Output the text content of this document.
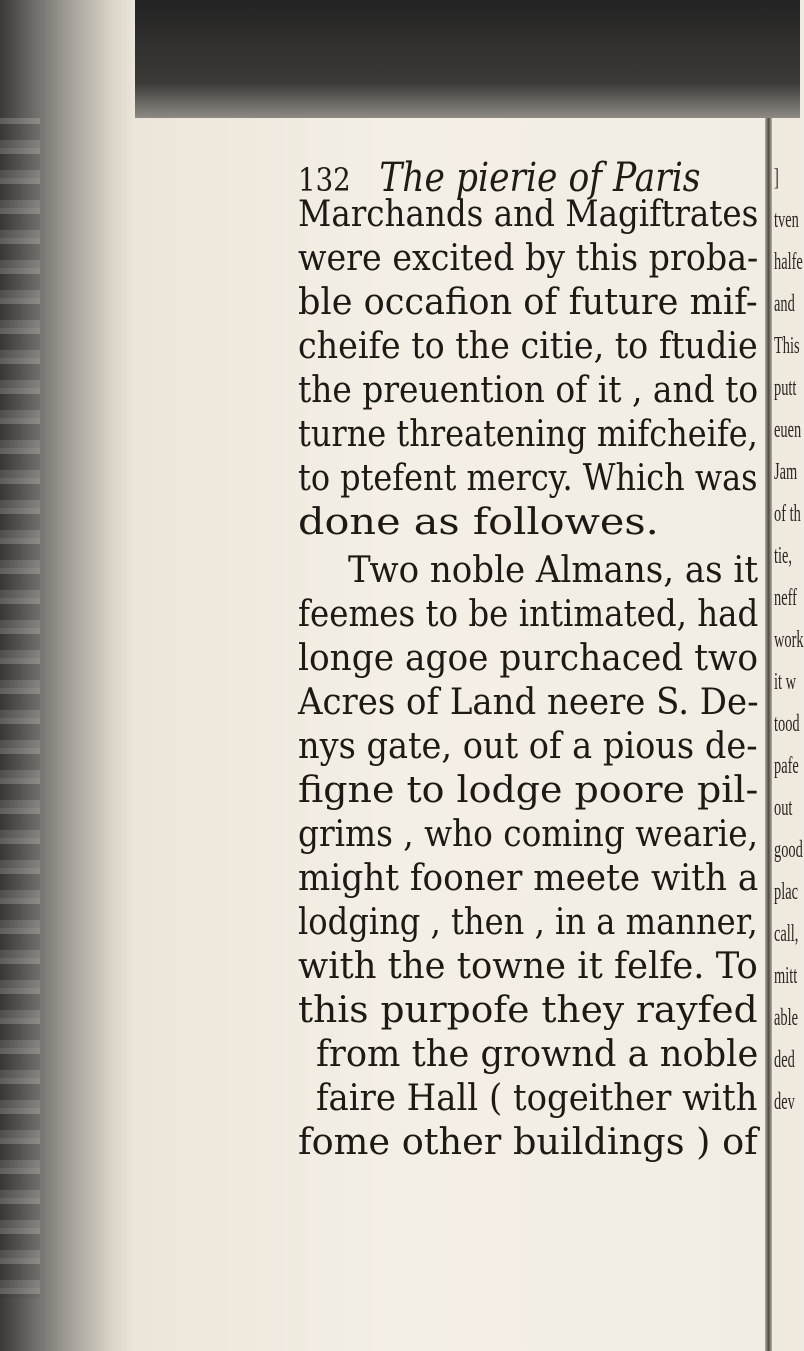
]
tven
halfe
and
This
putt
euen
Jam
of th
tie,
neff
work
it w
tood
pafe
out
good
plac
call,
mitt
able
ded
dev
132 The pierie of Paris
Marchands and Magiftrates
were excited by this proba-
ble occafion of future mif-
cheife to the citie, to ftudie
the preuention of it , and to
turne threatening mifcheife,
to ptefent mercy. Which was
done as followes.
Two noble Almans, as it
feemes to be intimated, had
longe agoe purchaced two
Acres of Land neere S. De-
nys gate, out of a pious de-
figne to lodge poore pil-
grims , who coming wearie,
might fooner meete with a
lodging , then , in a manner,
with the towne it felfe. To
this purpofe they rayfed
from the grownd a noble
faire Hall ( togeither with
fome other buildings ) of
